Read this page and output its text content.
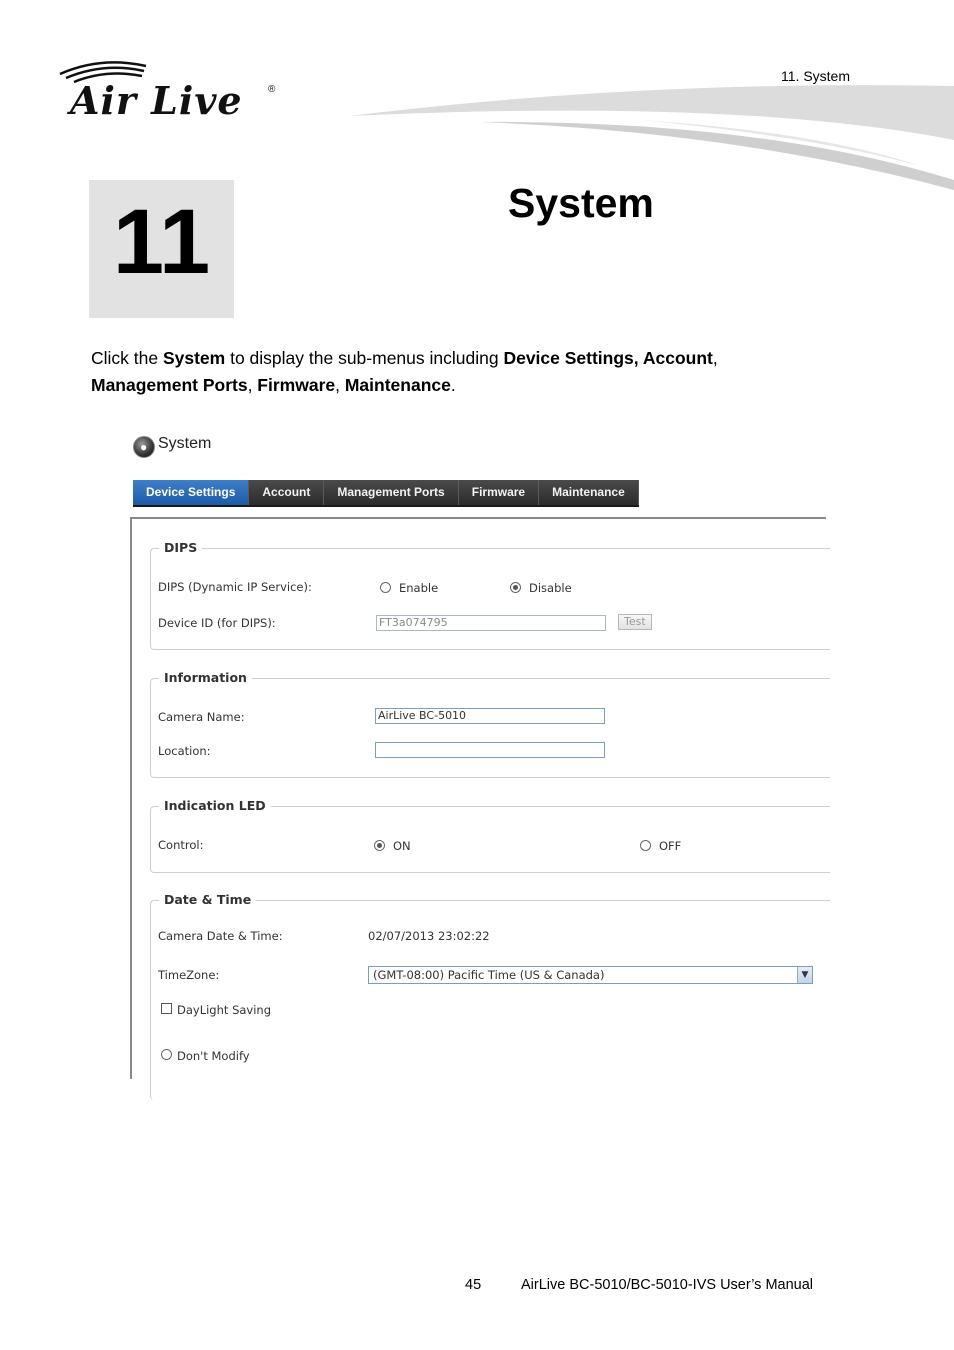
Air Live	®
11. System
11	System

Click the System to display the sub-menus including Device Settings, Account, Management Ports, Firmware, Maintenance.

● System
Device Settings	Account	Management Ports	Firmware	Maintenance
DIPS
DIPS (Dynamic IP Service):	Enable	Disable
Device ID (for DIPS):	FT3a074795	Test
Information
Camera Name:	AirLive BC-5010
Location:
Indication LED
Control:	ON	OFF
Date & Time
Camera Date & Time:	02/07/2013 23:02:22
TimeZone:	(GMT-08:00) Pacific Time (US & Canada)	▼
DayLight Saving
Don't Modify
45	AirLive BC-5010/BC-5010-IVS User’s Manual
